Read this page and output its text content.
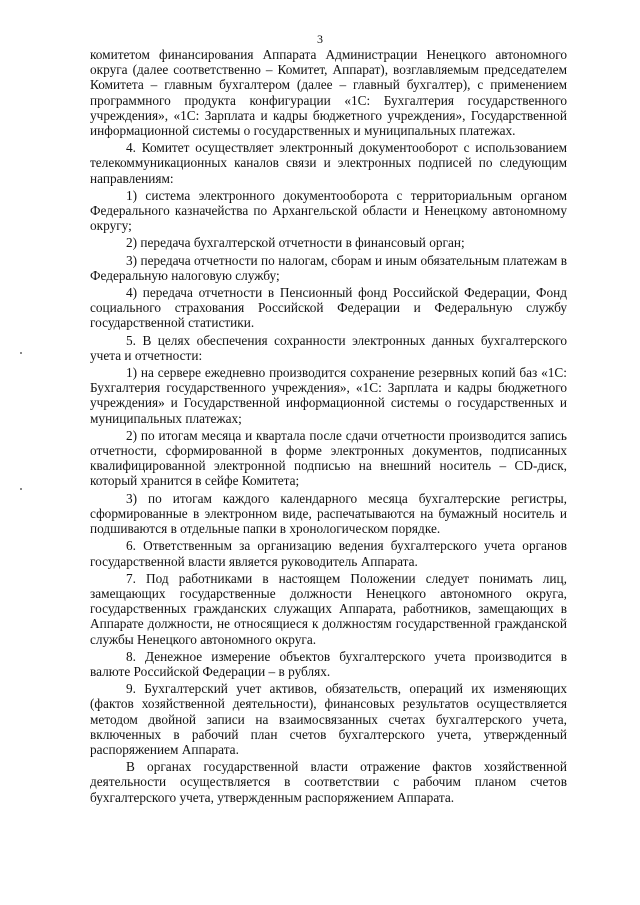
3

комитетом финансирования Аппарата Администрации Ненецкого автономного округа (далее соответственно – Комитет, Аппарат), возглавляемым председателем Комитета – главным бухгалтером (далее – главный бухгалтер), с применением программного продукта конфигурации «1С: Бухгалтерия государственного учреждения», «1С: Зарплата и кадры бюджетного учреждения», Государственной информационной системы о государственных и муниципальных платежах.

4. Комитет осуществляет электронный документооборот с использованием телекоммуникационных каналов связи и электронных подписей по следующим направлениям:

1) система электронного документооборота с территориальным органом Федерального казначейства по Архангельской области и Ненецкому автономному округу;

2) передача бухгалтерской отчетности в финансовый орган;

3) передача отчетности по налогам, сборам и иным обязательным платежам в Федеральную налоговую службу;

4) передача отчетности в Пенсионный фонд Российской Федерации, Фонд социального страхования Российской Федерации и Федеральную службу государственной статистики.

5. В целях обеспечения сохранности электронных данных бухгалтерского учета и отчетности:

1) на сервере ежедневно производится сохранение резервных копий баз «1С: Бухгалтерия государственного учреждения», «1С: Зарплата и кадры бюджетного учреждения» и Государственной информационной системы о государственных и муниципальных платежах;

2) по итогам месяца и квартала после сдачи отчетности производится запись отчетности, сформированной в форме электронных документов, подписанных квалифицированной электронной подписью на внешний носитель – CD-диск, который хранится в сейфе Комитета;

3) по итогам каждого календарного месяца бухгалтерские регистры, сформированные в электронном виде, распечатываются на бумажный носитель и подшиваются в отдельные папки в хронологическом порядке.

6. Ответственным за организацию ведения бухгалтерского учета органов государственной власти является руководитель Аппарата.

7. Под работниками в настоящем Положении следует понимать лиц, замещающих государственные должности Ненецкого автономного округа, государственных гражданских служащих Аппарата, работников, замещающих в Аппарате должности, не относящиеся к должностям государственной гражданской службы Ненецкого автономного округа.

8. Денежное измерение объектов бухгалтерского учета производится в валюте Российской Федерации – в рублях.

9. Бухгалтерский учет активов, обязательств, операций их изменяющих (фактов хозяйственной деятельности), финансовых результатов осуществляется методом двойной записи на взаимосвязанных счетах бухгалтерского учета, включенных в рабочий план счетов бухгалтерского учета, утвержденный распоряжением Аппарата.

В органах государственной власти отражение фактов хозяйственной деятельности осуществляется в соответствии с рабочим планом счетов бухгалтерского учета, утвержденным распоряжением Аппарата.
